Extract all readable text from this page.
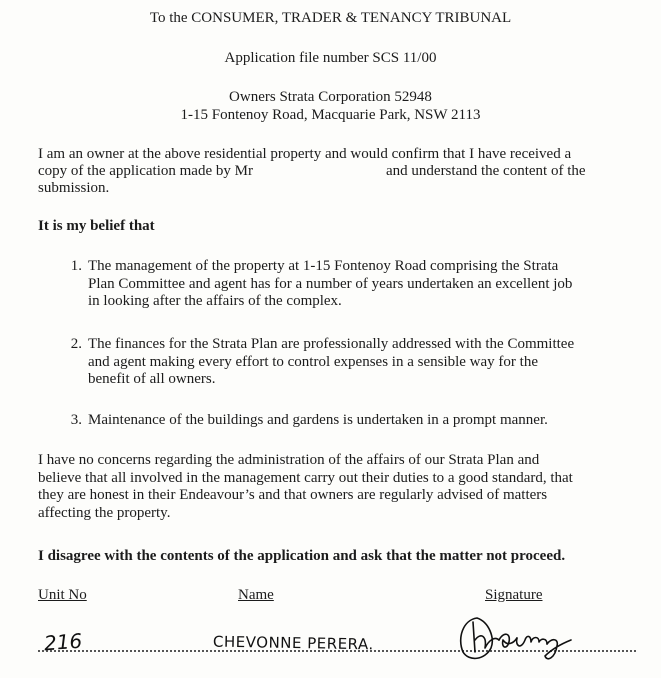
To the CONSUMER, TRADER & TENANCY TRIBUNAL
Application file number SCS 11/00
Owners Strata Corporation 52948
1-15 Fontenoy Road, Macquarie Park, NSW 2113
I am an owner at the above residential property and would confirm that I have received a
copy of the application made by Mr	and understand the content of the
submission.
It is my belief that
1. The management of the property at 1-15 Fontenoy Road comprising the Strata
Plan Committee and agent has for a number of years undertaken an excellent job
in looking after the affairs of the complex.
2. The finances for the Strata Plan are professionally addressed with the Committee
and agent making every effort to control expenses in a sensible way for the
benefit of all owners.
3. Maintenance of the buildings and gardens is undertaken in a prompt manner.
I have no concerns regarding the administration of the affairs of our Strata Plan and
believe that all involved in the management carry out their duties to a good standard, that
they are honest in their Endeavour’s and that owners are regularly advised of matters
affecting the property.
I disagree with the contents of the application and ask that the matter not proceed.
Unit No	Name	Signature
216	CHEVONNE PERERA.
